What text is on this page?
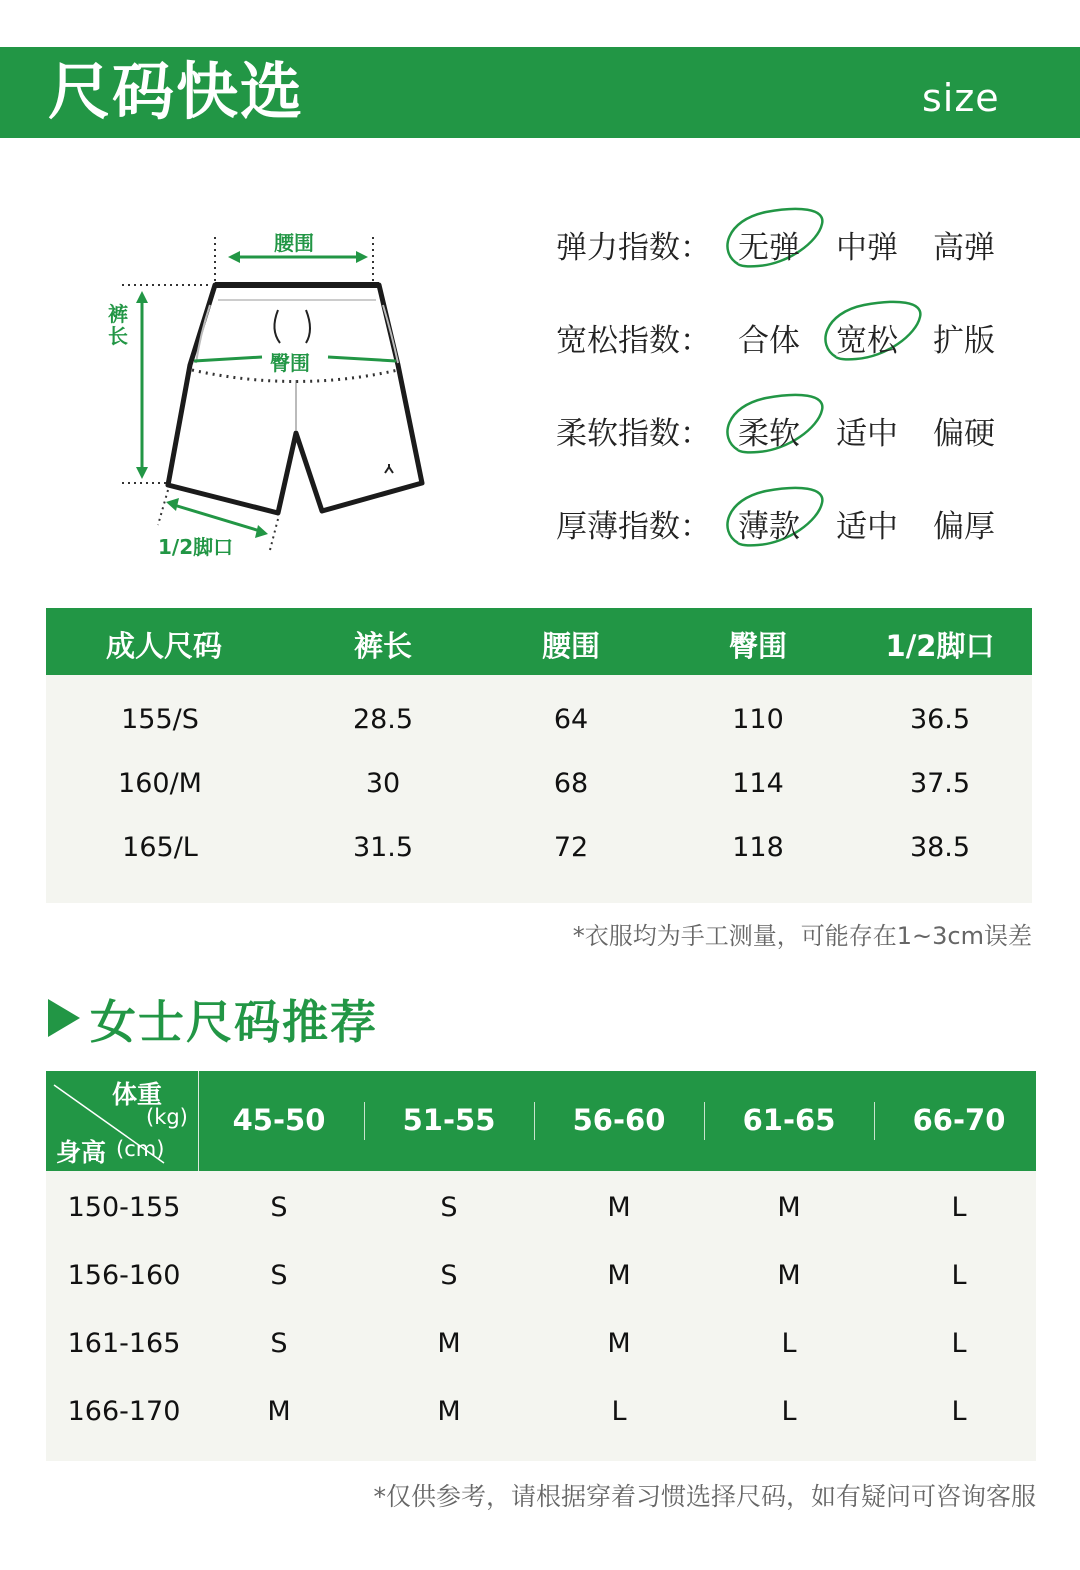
尺码快选	size
腰围
裤长
臀围
1/2脚口
弹力指数： 无弹 中弹 高弹
宽松指数： 合体 宽松 扩版
柔软指数： 柔软 适中 偏硬
厚薄指数： 薄款 适中 偏厚
成人尺码	裤长	腰围	臀围	1/2脚口
155/S	28.5	64	110	36.5
160/M	30	68	114	37.5
165/L	31.5	72	118	38.5
*衣服均为手工测量，可能存在1~3cm误差
女士尺码推荐
体重
(kg)
身高 (cm)
45-50	51-55	56-60	61-65	66-70
150-155	S	S	M	M	L
156-160	S	S	M	M	L
161-165	S	M	M	L	L
166-170	M	M	L	L	L
*仅供参考，请根据穿着习惯选择尺码，如有疑问可咨询客服
